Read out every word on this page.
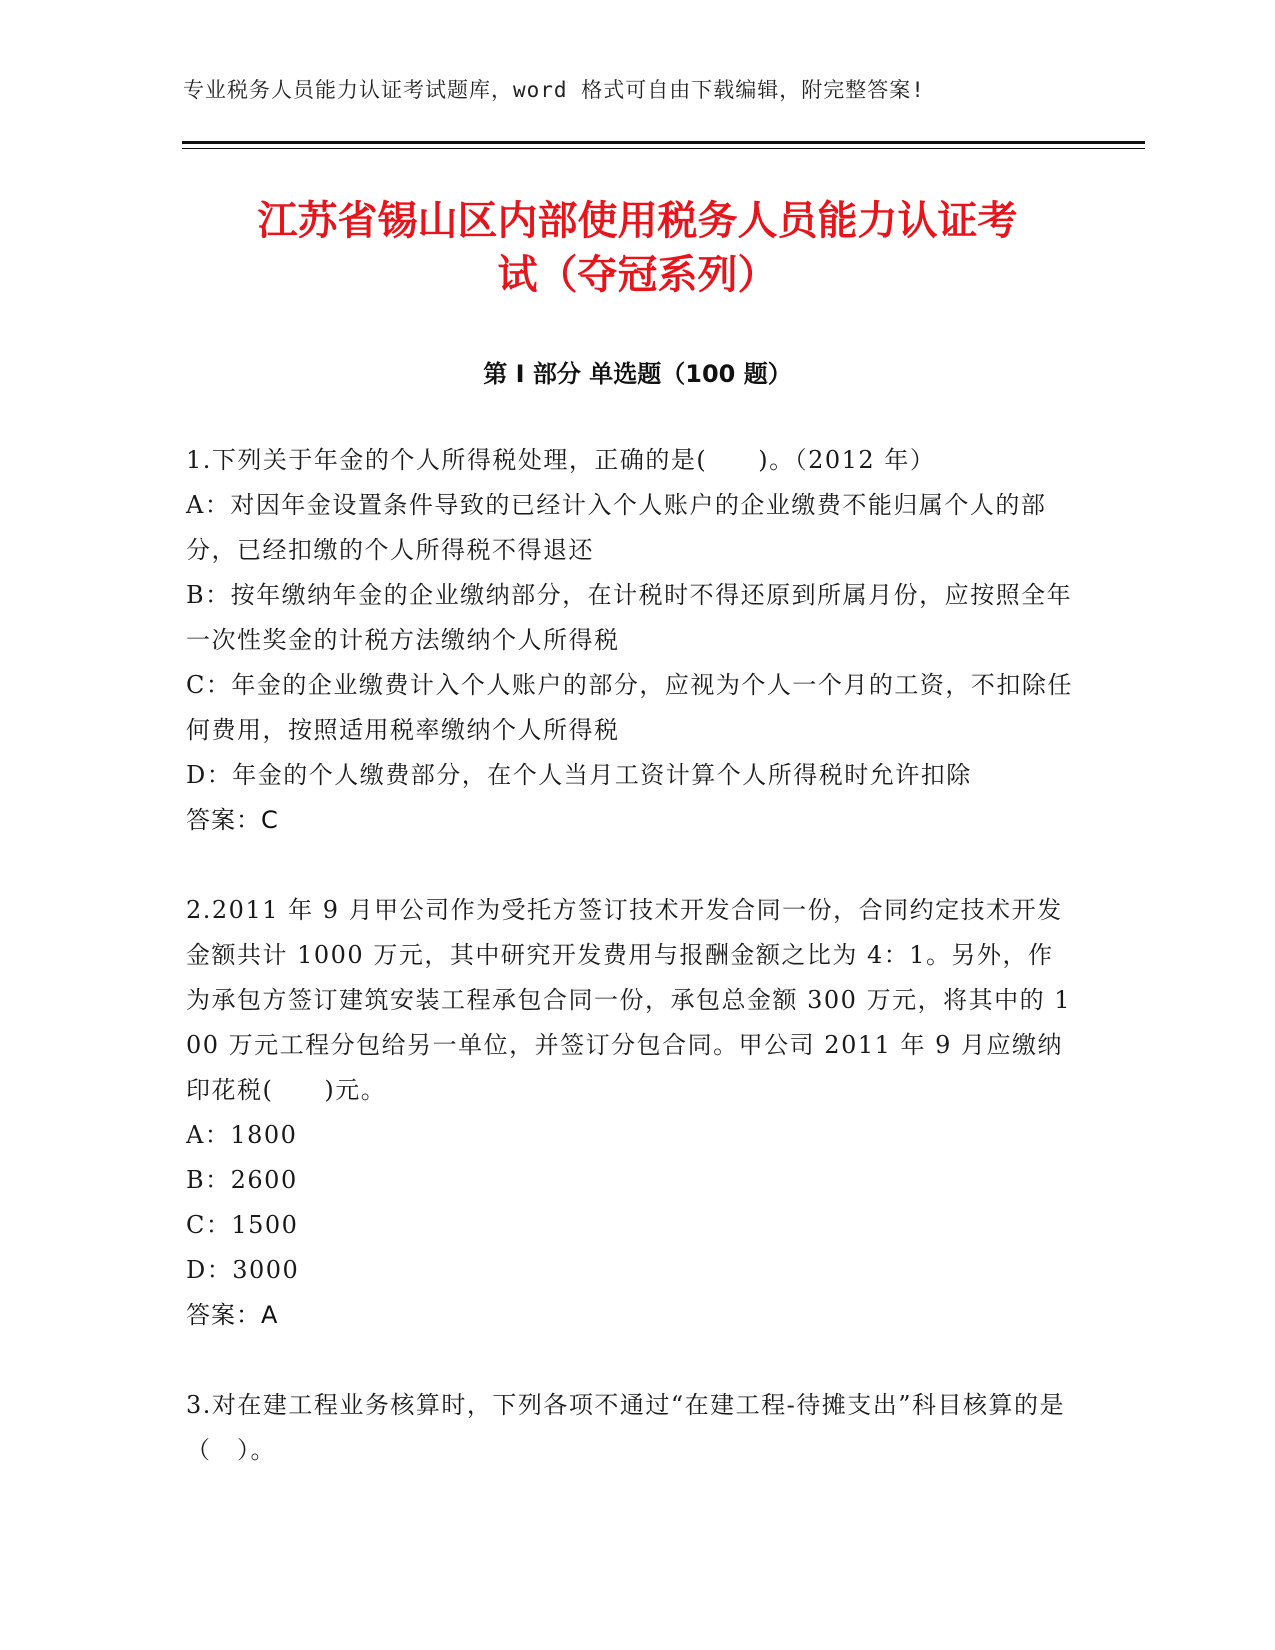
专业税务人员能力认证考试题库，word 格式可自由下载编辑，附完整答案!
江苏省锡山区内部使用税务人员能力认证考
试（夺冠系列）
第 I 部分 单选题（100 题）
1.下列关于年金的个人所得税处理，正确的是(　　)。（2012 年）
A：对因年金设置条件导致的已经计入个人账户的企业缴费不能归属个人的部分，已经扣缴的个人所得税不得退还
B：按年缴纳年金的企业缴纳部分，在计税时不得还原到所属月份，应按照全年一次性奖金的计税方法缴纳个人所得税
C：年金的企业缴费计入个人账户的部分，应视为个人一个月的工资，不扣除任何费用，按照适用税率缴纳个人所得税
D：年金的个人缴费部分，在个人当月工资计算个人所得税时允许扣除
答案：C
2.2011 年 9 月甲公司作为受托方签订技术开发合同一份，合同约定技术开发金额共计 1000 万元，其中研究开发费用与报酬金额之比为 4：1。另外，作为承包方签订建筑安装工程承包合同一份，承包总金额 300 万元，将其中的 100 万元工程分包给另一单位，并签订分包合同。甲公司 2011 年 9 月应缴纳印花税(　　)元。
A：1800
B：2600
C：1500
D：3000
答案：A
3.对在建工程业务核算时，下列各项不通过“在建工程-待摊支出”科目核算的是（　）。
